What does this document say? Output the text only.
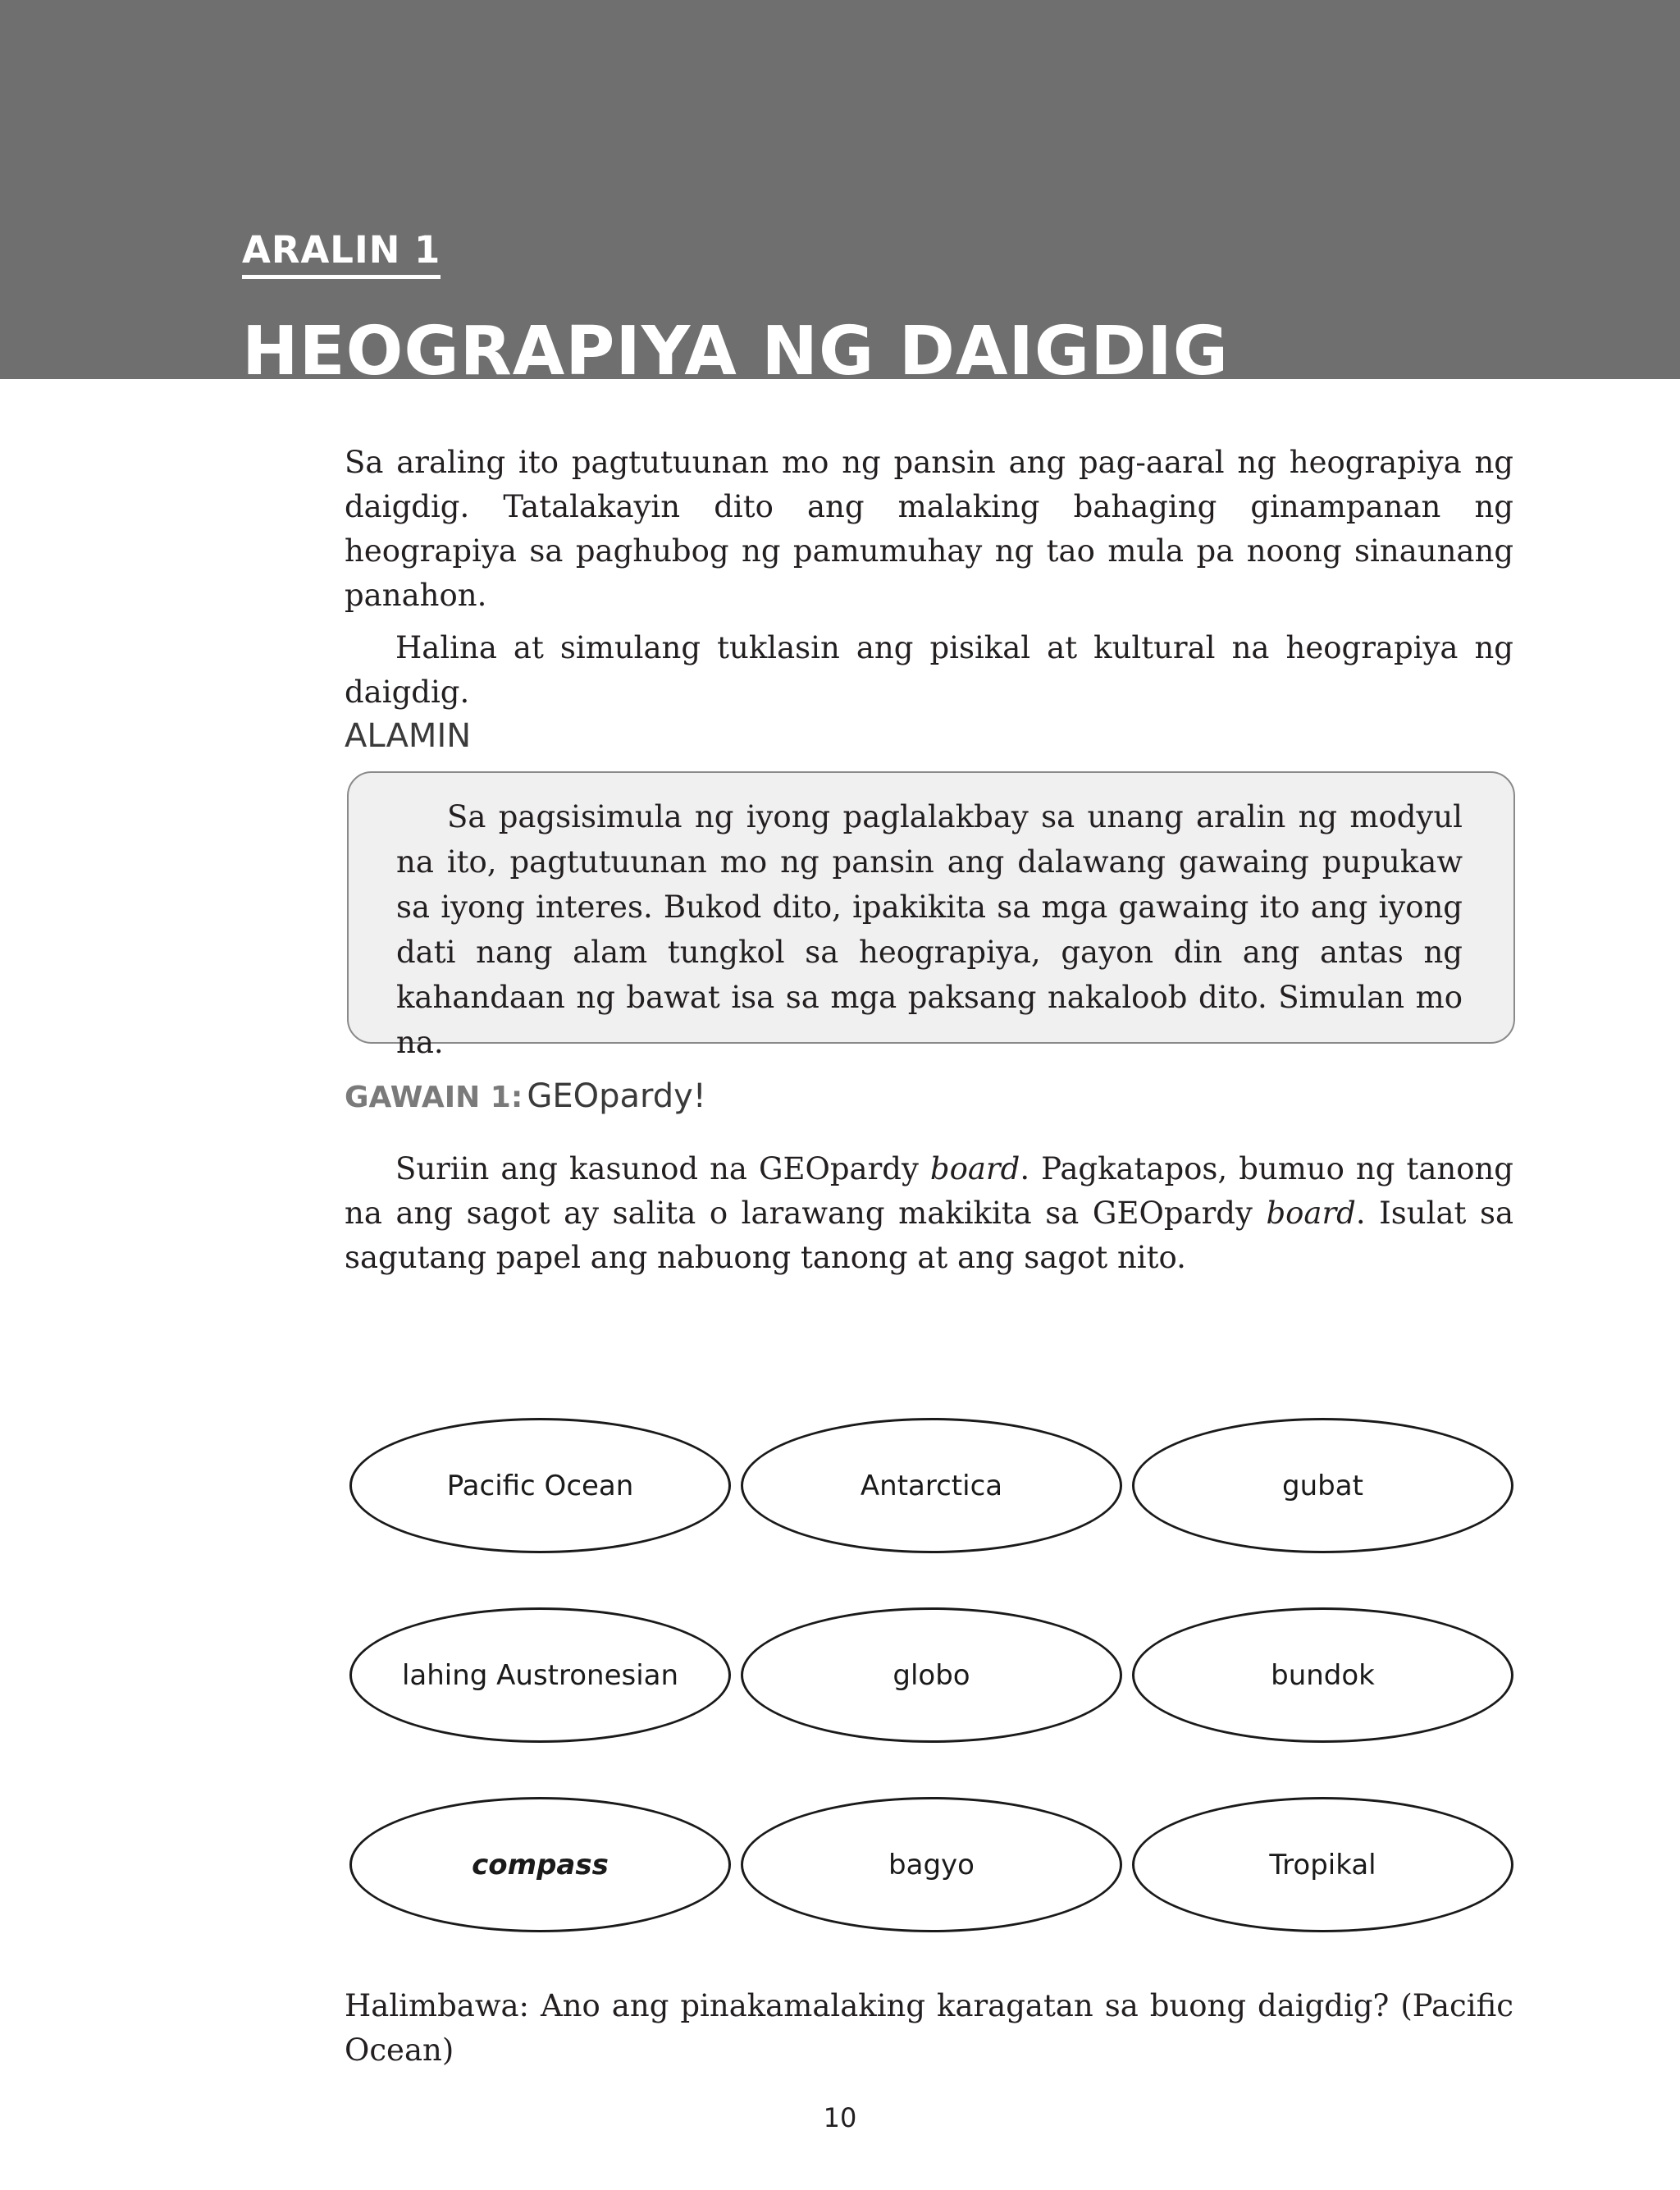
ARALIN 1
HEOGRAPIYA NG DAIGDIG

Sa araling ito pagtutuunan mo ng pansin ang pag-aaral ng heograpiya ng daigdig. Tatalakayin dito ang malaking bahaging ginampanan ng heograpiya sa paghubog ng pamumuhay ng tao mula pa noong sinaunang panahon.

Halina at simulang tuklasin ang pisikal at kultural na heograpiya ng daigdig.

ALAMIN

Sa pagsisimula ng iyong paglalakbay sa unang aralin ng modyul na ito, pagtutuunan mo ng pansin ang dalawang gawaing pupukaw sa iyong interes. Bukod dito, ipakikita sa mga gawaing ito ang iyong dati nang alam tungkol sa heograpiya, gayon din ang antas ng kahandaan ng bawat isa sa mga paksang nakaloob dito. Simulan mo na.

GAWAIN 1: GEOpardy!

Suriin ang kasunod na GEOpardy board. Pagkatapos, bumuo ng tanong na ang sagot ay salita o larawang makikita sa GEOpardy board. Isulat sa sagutang papel ang nabuong tanong at ang sagot nito.

Pacific Ocean	Antarctica	gubat
lahing Austronesian	globo	bundok
compass	bagyo	Tropikal

Halimbawa: Ano ang pinakamalaking karagatan sa buong daigdig? (Pacific Ocean)

10
